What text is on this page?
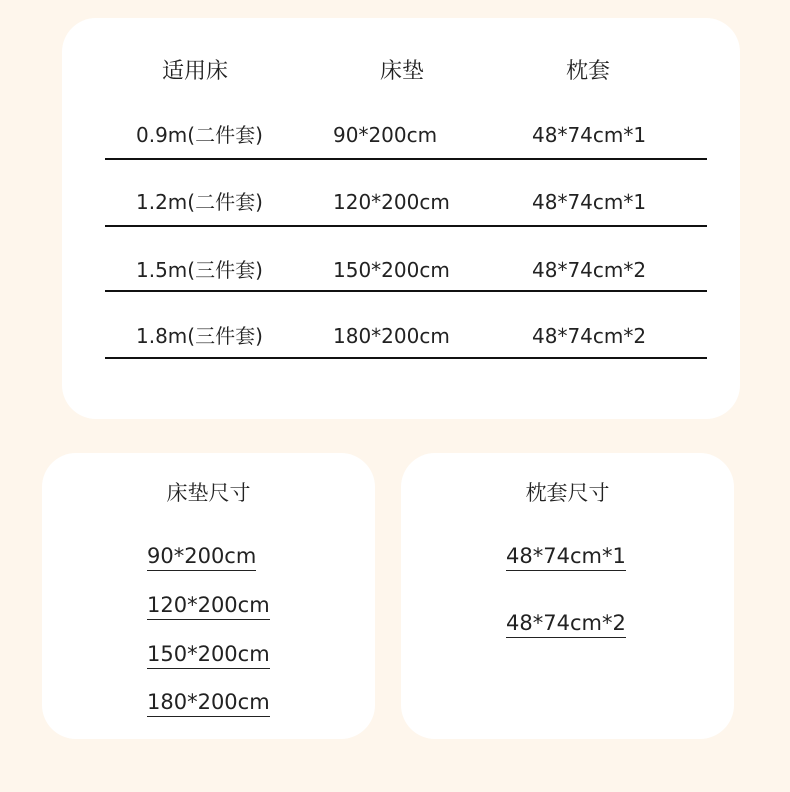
适用床	床垫	枕套
0.9m(二件套)	90*200cm	48*74cm*1
1.2m(二件套)	120*200cm	48*74cm*1
1.5m(三件套)	150*200cm	48*74cm*2
1.8m(三件套)	180*200cm	48*74cm*2
床垫尺寸
90*200cm
120*200cm
150*200cm
180*200cm
枕套尺寸
48*74cm*1
48*74cm*2
